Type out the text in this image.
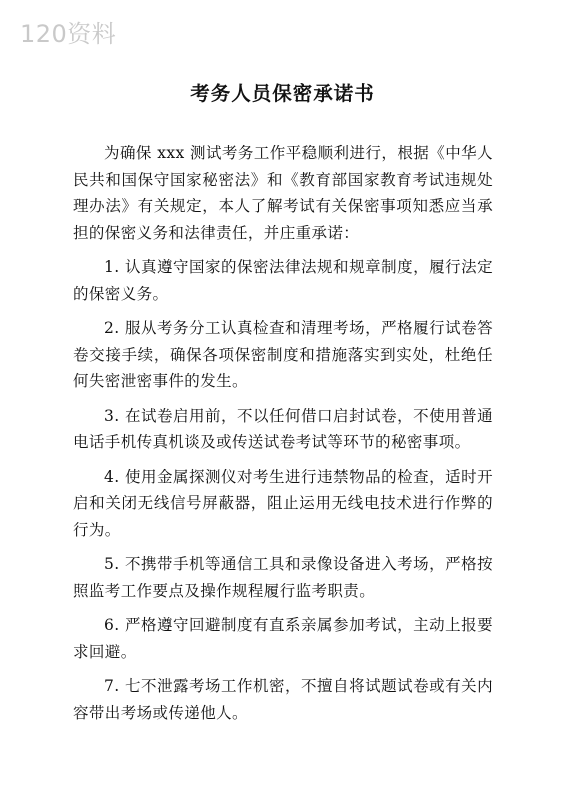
120资料
考务人员保密承诺书

为确保 xxx 测试考务工作平稳顺利进行，根据《中华人民共和国保守国家秘密法》和《教育部国家教育考试违规处理办法》有关规定，本人了解考试有关保密事项知悉应当承担的保密义务和法律责任，并庄重承诺：

1. 认真遵守国家的保密法律法规和规章制度，履行法定的保密义务。

2. 服从考务分工认真检查和清理考场，严格履行试卷答卷交接手续，确保各项保密制度和措施落实到实处，杜绝任何失密泄密事件的发生。

3. 在试卷启用前，不以任何借口启封试卷，不使用普通电话手机传真机谈及或传送试卷考试等环节的秘密事项。

4. 使用金属探测仪对考生进行违禁物品的检查，适时开启和关闭无线信号屏蔽器，阻止运用无线电技术进行作弊的行为。

5. 不携带手机等通信工具和录像设备进入考场，严格按照监考工作要点及操作规程履行监考职责。

6. 严格遵守回避制度有直系亲属参加考试，主动上报要求回避。

7. 七不泄露考场工作机密，不擅自将试题试卷或有关内容带出考场或传递他人。
